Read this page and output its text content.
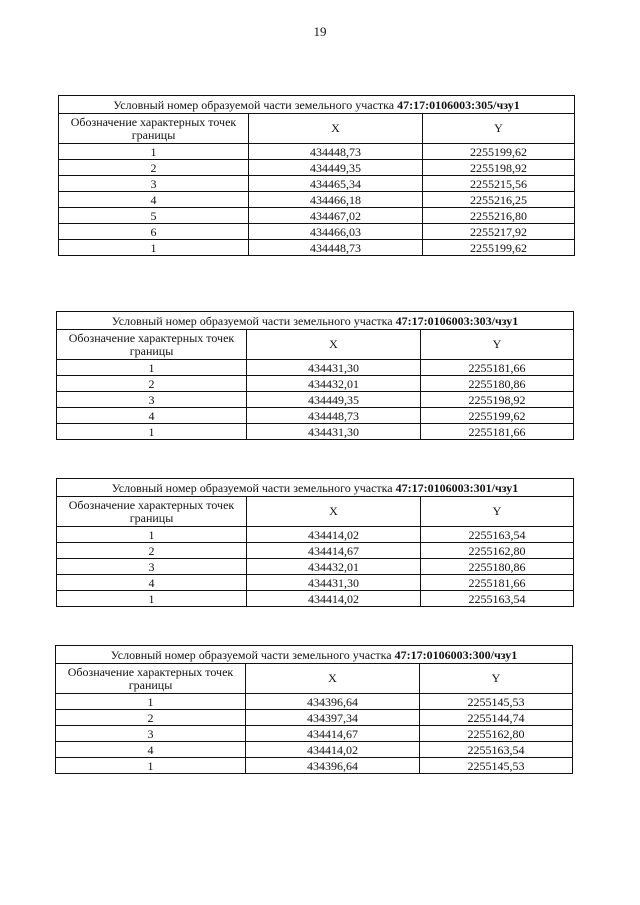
19
Условный номер образуемой части земельного участка 47:17:0106003:305/чзу1		
Обозначение характерных точек границы	X	Y
1	434448,73	2255199,62
2	434449,35	2255198,92
3	434465,34	2255215,56
4	434466,18	2255216,25
5	434467,02	2255216,80
6	434466,03	2255217,92
1	434448,73	2255199,62
Условный номер образуемой части земельного участка 47:17:0106003:303/чзу1		
Обозначение характерных точек границы	X	Y
1	434431,30	2255181,66
2	434432,01	2255180,86
3	434449,35	2255198,92
4	434448,73	2255199,62
1	434431,30	2255181,66
Условный номер образуемой части земельного участка 47:17:0106003:301/чзу1		
Обозначение характерных точек границы	X	Y
1	434414,02	2255163,54
2	434414,67	2255162,80
3	434432,01	2255180,86
4	434431,30	2255181,66
1	434414,02	2255163,54
Условный номер образуемой части земельного участка 47:17:0106003:300/чзу1		
Обозначение характерных точек границы	X	Y
1	434396,64	2255145,53
2	434397,34	2255144,74
3	434414,67	2255162,80
4	434414,02	2255163,54
1	434396,64	2255145,53
